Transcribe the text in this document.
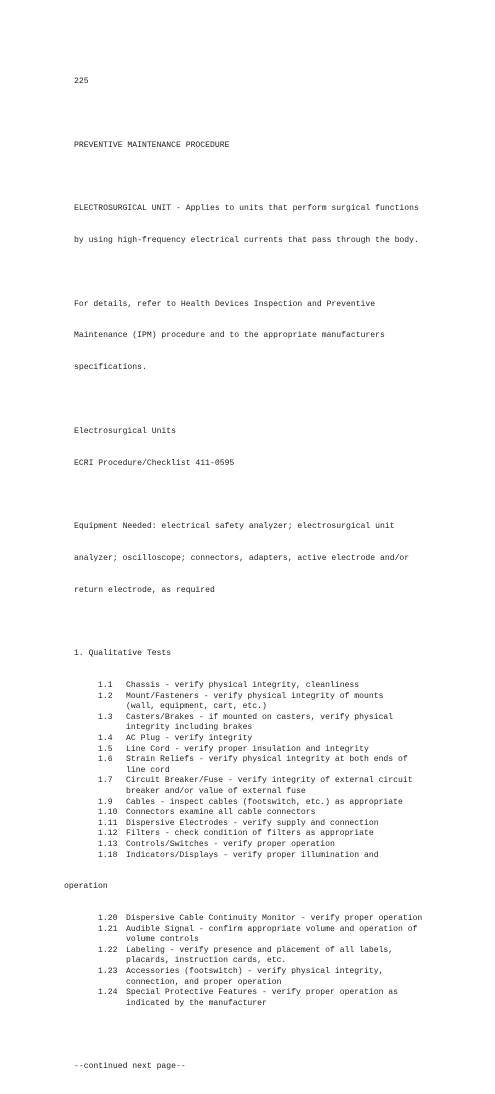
225

PREVENTIVE MAINTENANCE PROCEDURE

ELECTROSURGICAL UNIT - Applies to units that perform surgical functions

by using high-frequency electrical currents that pass through the body.

For details, refer to Health Devices Inspection and Preventive

Maintenance (IPM) procedure and to the appropriate manufacturers

specifications.

Electrosurgical Units

ECRI Procedure/Checklist 411-0595

Equipment Needed: electrical safety analyzer; electrosurgical unit

analyzer; oscilloscope; connectors, adapters, active electrode and/or

return electrode, as required

1. Qualitative Tests

1.1 Chassis - verify physical integrity, cleanliness
1.2 Mount/Fasteners - verify physical integrity of mounts
(wall, equipment, cart, etc.)
1.3 Casters/Brakes - if mounted on casters, verify physical
integrity including brakes
1.4 AC Plug - verify integrity
1.5 Line Cord - verify proper insulation and integrity
1.6 Strain Reliefs - verify physical integrity at both ends of
line cord
1.7 Circuit Breaker/Fuse - verify integrity of external circuit
breaker and/or value of external fuse
1.9 Cables - inspect cables (footswitch, etc.) as appropriate
1.10 Connectors examine all cable connectors
1.11 Dispersive Electrodes - verify supply and connection
1.12 Filters - check condition of filters as appropriate
1.13 Controls/Switches - verify proper operation
1.18 Indicators/Displays - verify proper illumination and

operation

1.20 Dispersive Cable Continuity Monitor - verify proper operation
1.21 Audible Signal - confirm appropriate volume and operation of
volume controls
1.22 Labeling - verify presence and placement of all labels,
placards, instruction cards, etc.
1.23 Accessories (footswitch) - verify physical integrity,
connection, and proper operation
1.24 Special Protective Features - verify proper operation as
indicated by the manufacturer

--continued next page--
